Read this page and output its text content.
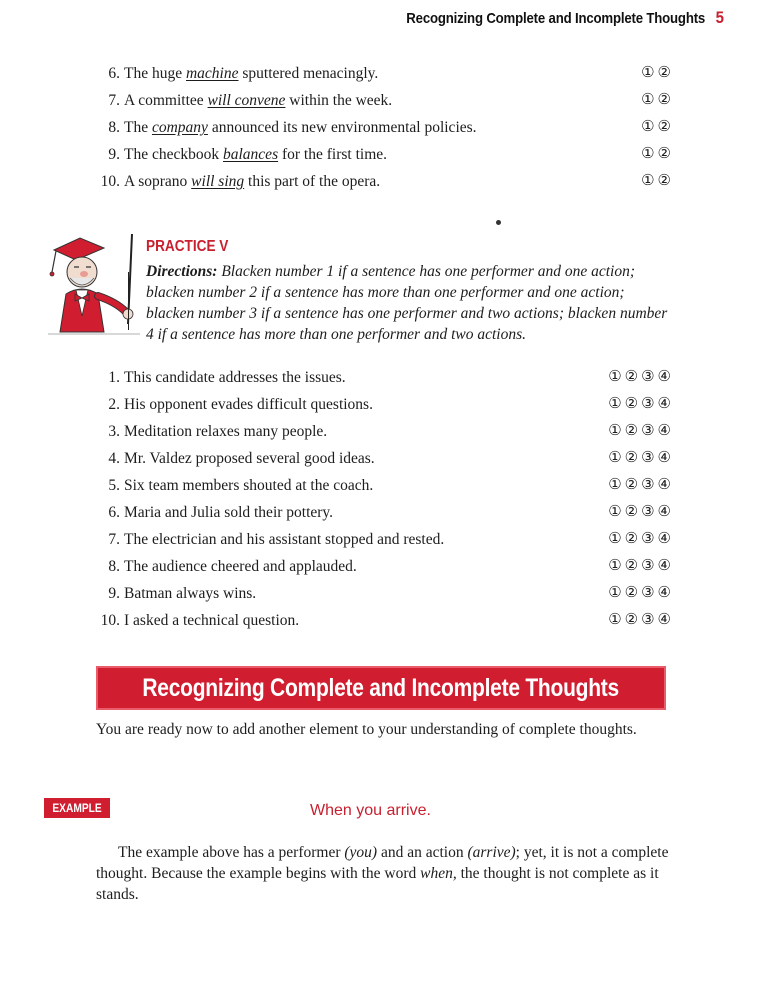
Recognizing Complete and Incomplete Thoughts 5
6. The huge machine sputtered menacingly.	① ②
7. A committee will convene within the week.	① ②
8. The company announced its new environmental policies.	① ②
9. The checkbook balances for the first time.	① ②
10. A soprano will sing this part of the opera.	① ②
PRACTICE V
Directions: Blacken number 1 if a sentence has one performer and one action; blacken number 2 if a sentence has more than one performer and one action; blacken number 3 if a sentence has one performer and two actions; blacken number 4 if a sentence has more than one performer and two actions.
1. This candidate addresses the issues.	① ② ③ ④
2. His opponent evades difficult questions.	① ② ③ ④
3. Meditation relaxes many people.	① ② ③ ④
4. Mr. Valdez proposed several good ideas.	① ② ③ ④
5. Six team members shouted at the coach.	① ② ③ ④
6. Maria and Julia sold their pottery.	① ② ③ ④
7. The electrician and his assistant stopped and rested.	① ② ③ ④
8. The audience cheered and applauded.	① ② ③ ④
9. Batman always wins.	① ② ③ ④
10. I asked a technical question.	① ② ③ ④
Recognizing Complete and Incomplete Thoughts
You are ready now to add another element to your understanding of complete thoughts.
EXAMPLE	When you arrive.
The example above has a performer (you) and an action (arrive); yet, it is not a complete thought. Because the example begins with the word when, the thought is not complete as it stands.
